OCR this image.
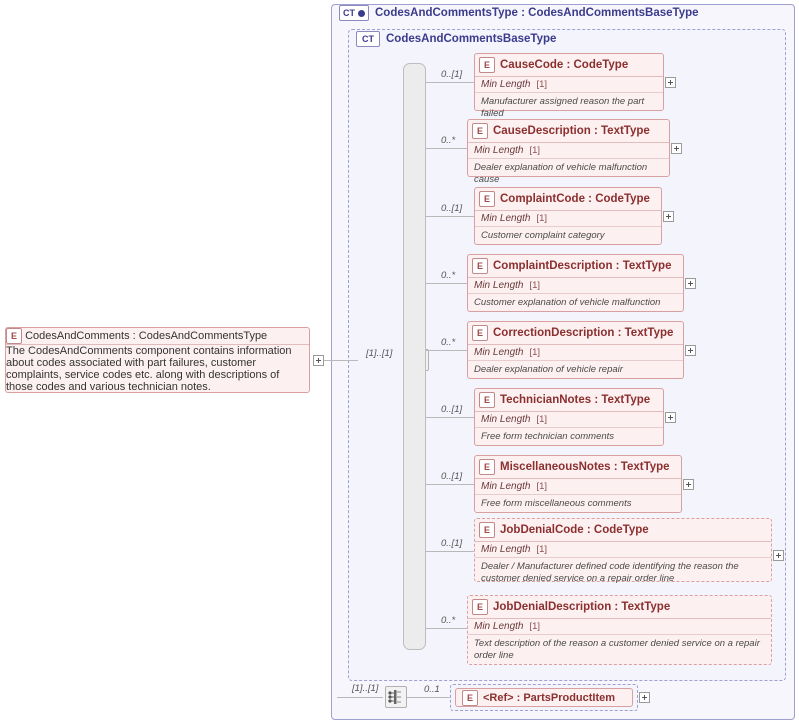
CT CodesAndCommentsType : CodesAndCommentsBaseType
CT CodesAndCommentsBaseType
E CodesAndComments : CodesAndCommentsType
The CodesAndComments component contains information about codes associated with part failures, customer complaints, service codes etc. along with descriptions of those codes and various technician notes.
[1]..[1]
0..[1]
E CauseCode : CodeType
Min Length [1]
Manufacturer assigned reason the part failed
0..*
E CauseDescription : TextType
Min Length [1]
Dealer explanation of vehicle malfunction cause
0..[1]
E ComplaintCode : CodeType
Min Length [1]
Customer complaint category
0..*
E ComplaintDescription : TextType
Min Length [1]
Customer explanation of vehicle malfunction
0..*
E CorrectionDescription : TextType
Min Length [1]
Dealer explanation of vehicle repair
0..[1]
E TechnicianNotes : TextType
Min Length [1]
Free form technician comments
0..[1]
E MiscellaneousNotes : TextType
Min Length [1]
Free form miscellaneous comments
0..[1]
E JobDenialCode : CodeType
Min Length [1]
Dealer / Manufacturer defined code identifying the reason the customer denied service on a repair order line
0..*
E JobDenialDescription : TextType
Min Length [1]
Text description of the reason a customer denied service on a repair order line
[1]..[1]	0..1
E <Ref> : PartsProductItem
